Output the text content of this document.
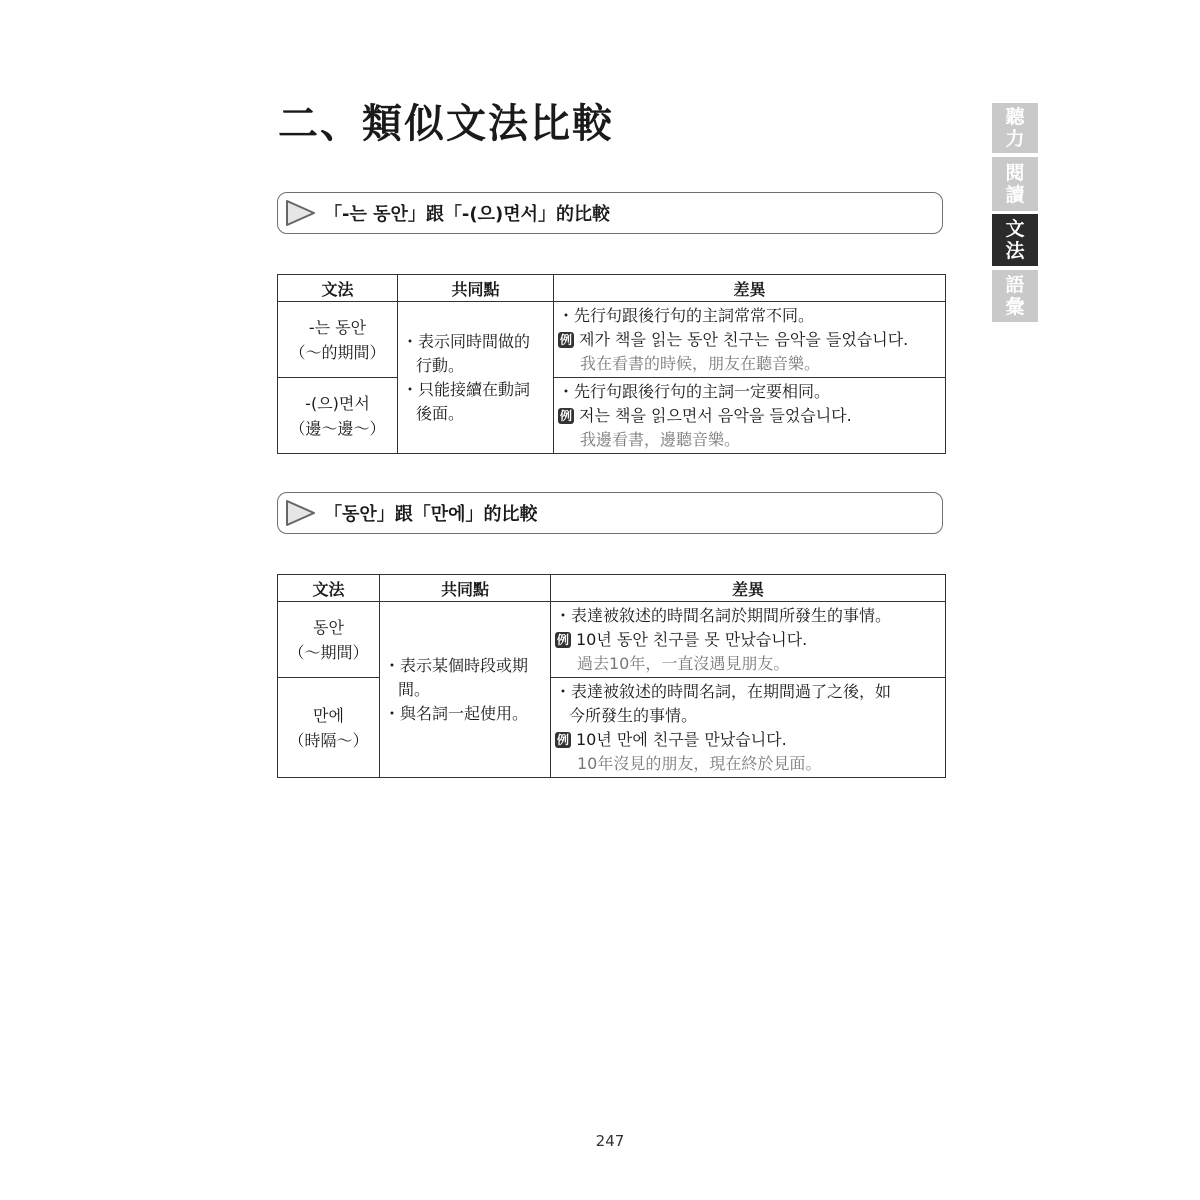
二、類似文法比較	聽
力
閱
讀
文
法
語
彙
「-는 동안」跟「-(으)면서」的比較
文法	共同點	差異

-는 동안
（～的期間）	・表示同時間做的
行動。
・只能接續在動詞
後面。	・先行句跟後行句的主詞常常不同。
例 제가 책을 읽는 동안 친구는 음악을 들었습니다.
我在看書的時候，朋友在聽音樂。

-(으)면서
（邊～邊～）		・先行句跟後行句的主詞一定要相同。
例 저는 책을 읽으면서 음악을 들었습니다.
我邊看書，邊聽音樂。
「동안」跟「만에」的比較
文法	共同點	差異

동안
（～期間）	・表示某個時段或期
間。
・與名詞一起使用。	・表達被敘述的時間名詞於期間所發生的事情。
例 10년 동안 친구를 못 만났습니다.
過去10年，一直沒遇見朋友。

만에
（時隔～）		・表達被敘述的時間名詞，在期間過了之後，如
今所發生的事情。
例 10년 만에 친구를 만났습니다.
10年沒見的朋友，現在終於見面。
247
